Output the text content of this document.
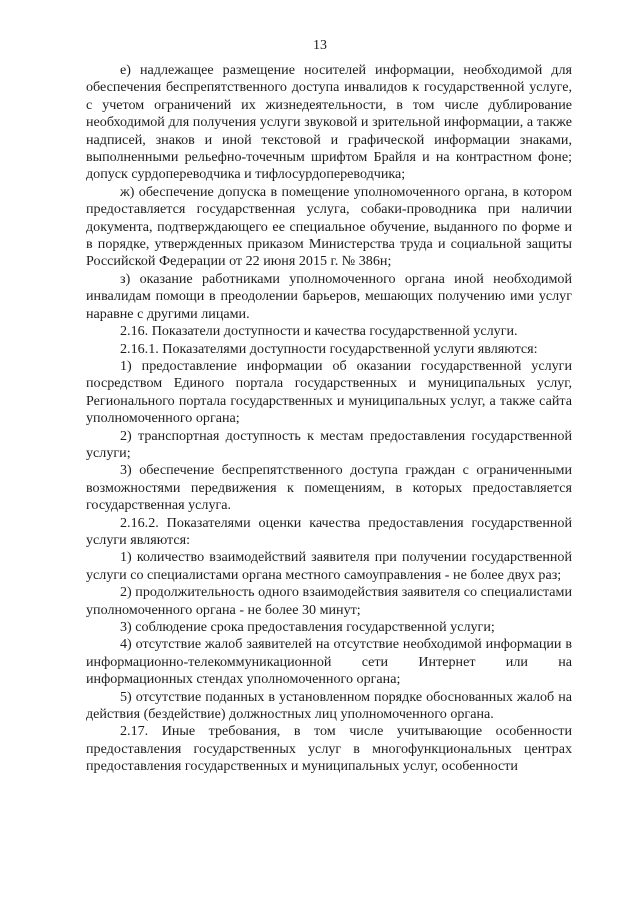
13

е) надлежащее размещение носителей информации, необходимой для обеспечения беспрепятственного доступа инвалидов к государственной услуге, с учетом ограничений их жизнедеятельности, в том числе дублирование необходимой для получения услуги звуковой и зрительной информации, а также надписей, знаков и иной текстовой и графической информации знаками, выполненными рельефно-точечным шрифтом Брайля и на контрастном фоне; допуск сурдопереводчика и тифлосурдопереводчика;

ж) обеспечение допуска в помещение уполномоченного органа, в котором предоставляется государственная услуга, собаки-проводника при наличии документа, подтверждающего ее специальное обучение, выданного по форме и в порядке, утвержденных приказом Министерства труда и социальной защиты Российской Федерации от 22 июня 2015 г. № 386н;

з) оказание работниками уполномоченного органа иной необходимой инвалидам помощи в преодолении барьеров, мешающих получению ими услуг наравне с другими лицами.

2.16. Показатели доступности и качества государственной услуги.

2.16.1. Показателями доступности государственной услуги являются:

1) предоставление информации об оказании государственной услуги посредством Единого портала государственных и муниципальных услуг, Регионального портала государственных и муниципальных услуг, а также сайта уполномоченного органа;

2) транспортная доступность к местам предоставления государственной услуги;

3) обеспечение беспрепятственного доступа граждан с ограниченными возможностями передвижения к помещениям, в которых предоставляется государственная услуга.

2.16.2. Показателями оценки качества предоставления государственной услуги являются:

1) количество взаимодействий заявителя при получении государственной услуги со специалистами органа местного самоуправления - не более двух раз;

2) продолжительность одного взаимодействия заявителя со специалистами уполномоченного органа - не более 30 минут;

3) соблюдение срока предоставления государственной услуги;

4) отсутствие жалоб заявителей на отсутствие необходимой информации в информационно-телекоммуникационной сети Интернет или на информационных стендах уполномоченного органа;

5) отсутствие поданных в установленном порядке обоснованных жалоб на действия (бездействие) должностных лиц уполномоченного органа.

2.17. Иные требования, в том числе учитывающие особенности предоставления государственных услуг в многофункциональных центрах предоставления государственных и муниципальных услуг, особенности
